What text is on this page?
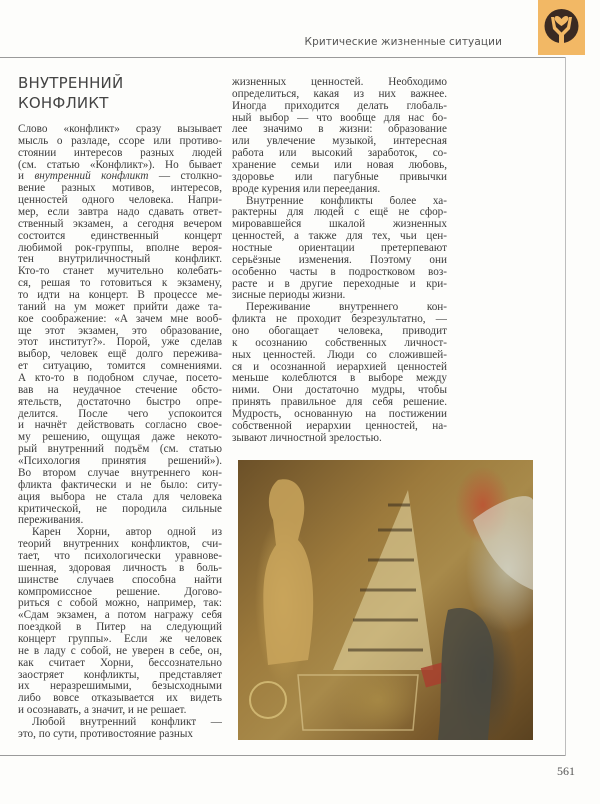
Критические жизненные ситуации
ВНУТРЕННИЙ
КОНФЛИКТ
Слово «конфликт» сразу вызывает
мысль о разладе, ссоре или противо-
стоянии интересов разных людей
(см. статью «Конфликт»). Но бывает
и внутренний конфликт — столкно-
вение разных мотивов, интересов,
ценностей одного человека. Напри-
мер, если завтра надо сдавать ответ-
ственный экзамен, а сегодня вечером
состоится единственный концерт
любимой рок-группы, вполне вероя-
тен внутриличностный конфликт.
Кто-то станет мучительно колебать-
ся, решая то готовиться к экзамену,
то идти на концерт. В процессе ме-
таний на ум может прийти даже та-
кое соображение: «А зачем мне вооб-
ще этот экзамен, это образование,
этот институт?». Порой, уже сделав
выбор, человек ещё долго пережива-
ет ситуацию, томится сомнениями.
А кто-то в подобном случае, посето-
вав на неудачное стечение обсто-
ятельств, достаточно быстро опре-
делится. После чего успокоится
и начнёт действовать согласно свое-
му решению, ощущая даже некото-
рый внутренний подъём (см. статью
«Психология принятия решений»).
Во втором случае внутреннего кон-
фликта фактически и не было: ситу-
ация выбора не стала для человека
критической, не породила сильные
переживания.
Карен Хорни, автор одной из
теорий внутренних конфликтов, счи-
тает, что психологически уравнове-
шенная, здоровая личность в боль-
шинстве случаев способна найти
компромиссное решение. Догово-
риться с собой можно, например, так:
«Сдам экзамен, а потом награжу себя
поездкой в Питер на следующий
концерт группы». Если же человек
не в ладу с собой, не уверен в себе, он,
как считает Хорни, бессознательно
заостряет конфликты, представляет
их неразрешимыми, безысходными
либо вовсе отказывается их видеть
и осознавать, а значит, и не решает.
Любой внутренний конфликт —
это, по сути, противостояние разных
жизненных ценностей. Необходимо
определиться, какая из них важнее.
Иногда приходится делать глобаль-
ный выбор — что вообще для нас бо-
лее значимо в жизни: образование
или увлечение музыкой, интересная
работа или высокий заработок, со-
хранение семьи или новая любовь,
здоровье или пагубные привычки
вроде курения или переедания.
Внутренние конфликты более ха-
рактерны для людей с ещё не сфор-
мировавшейся шкалой жизненных
ценностей, а также для тех, чьи цен-
ностные ориентации претерпевают
серьёзные изменения. Поэтому они
особенно часты в подростковом воз-
расте и в другие переходные и кри-
зисные периоды жизни.
Переживание внутреннего кон-
фликта не проходит безрезультатно, —
оно обогащает человека, приводит
к осознанию собственных личност-
ных ценностей. Люди со сложившей-
ся и осознанной иерархией ценностей
меньше колеблются в выборе между
ними. Они достаточно мудры, чтобы
принять правильное для себя решение.
Мудрость, основанную на постижении
собственной иерархии ценностей, на-
зывают личностной зрелостью.
561
